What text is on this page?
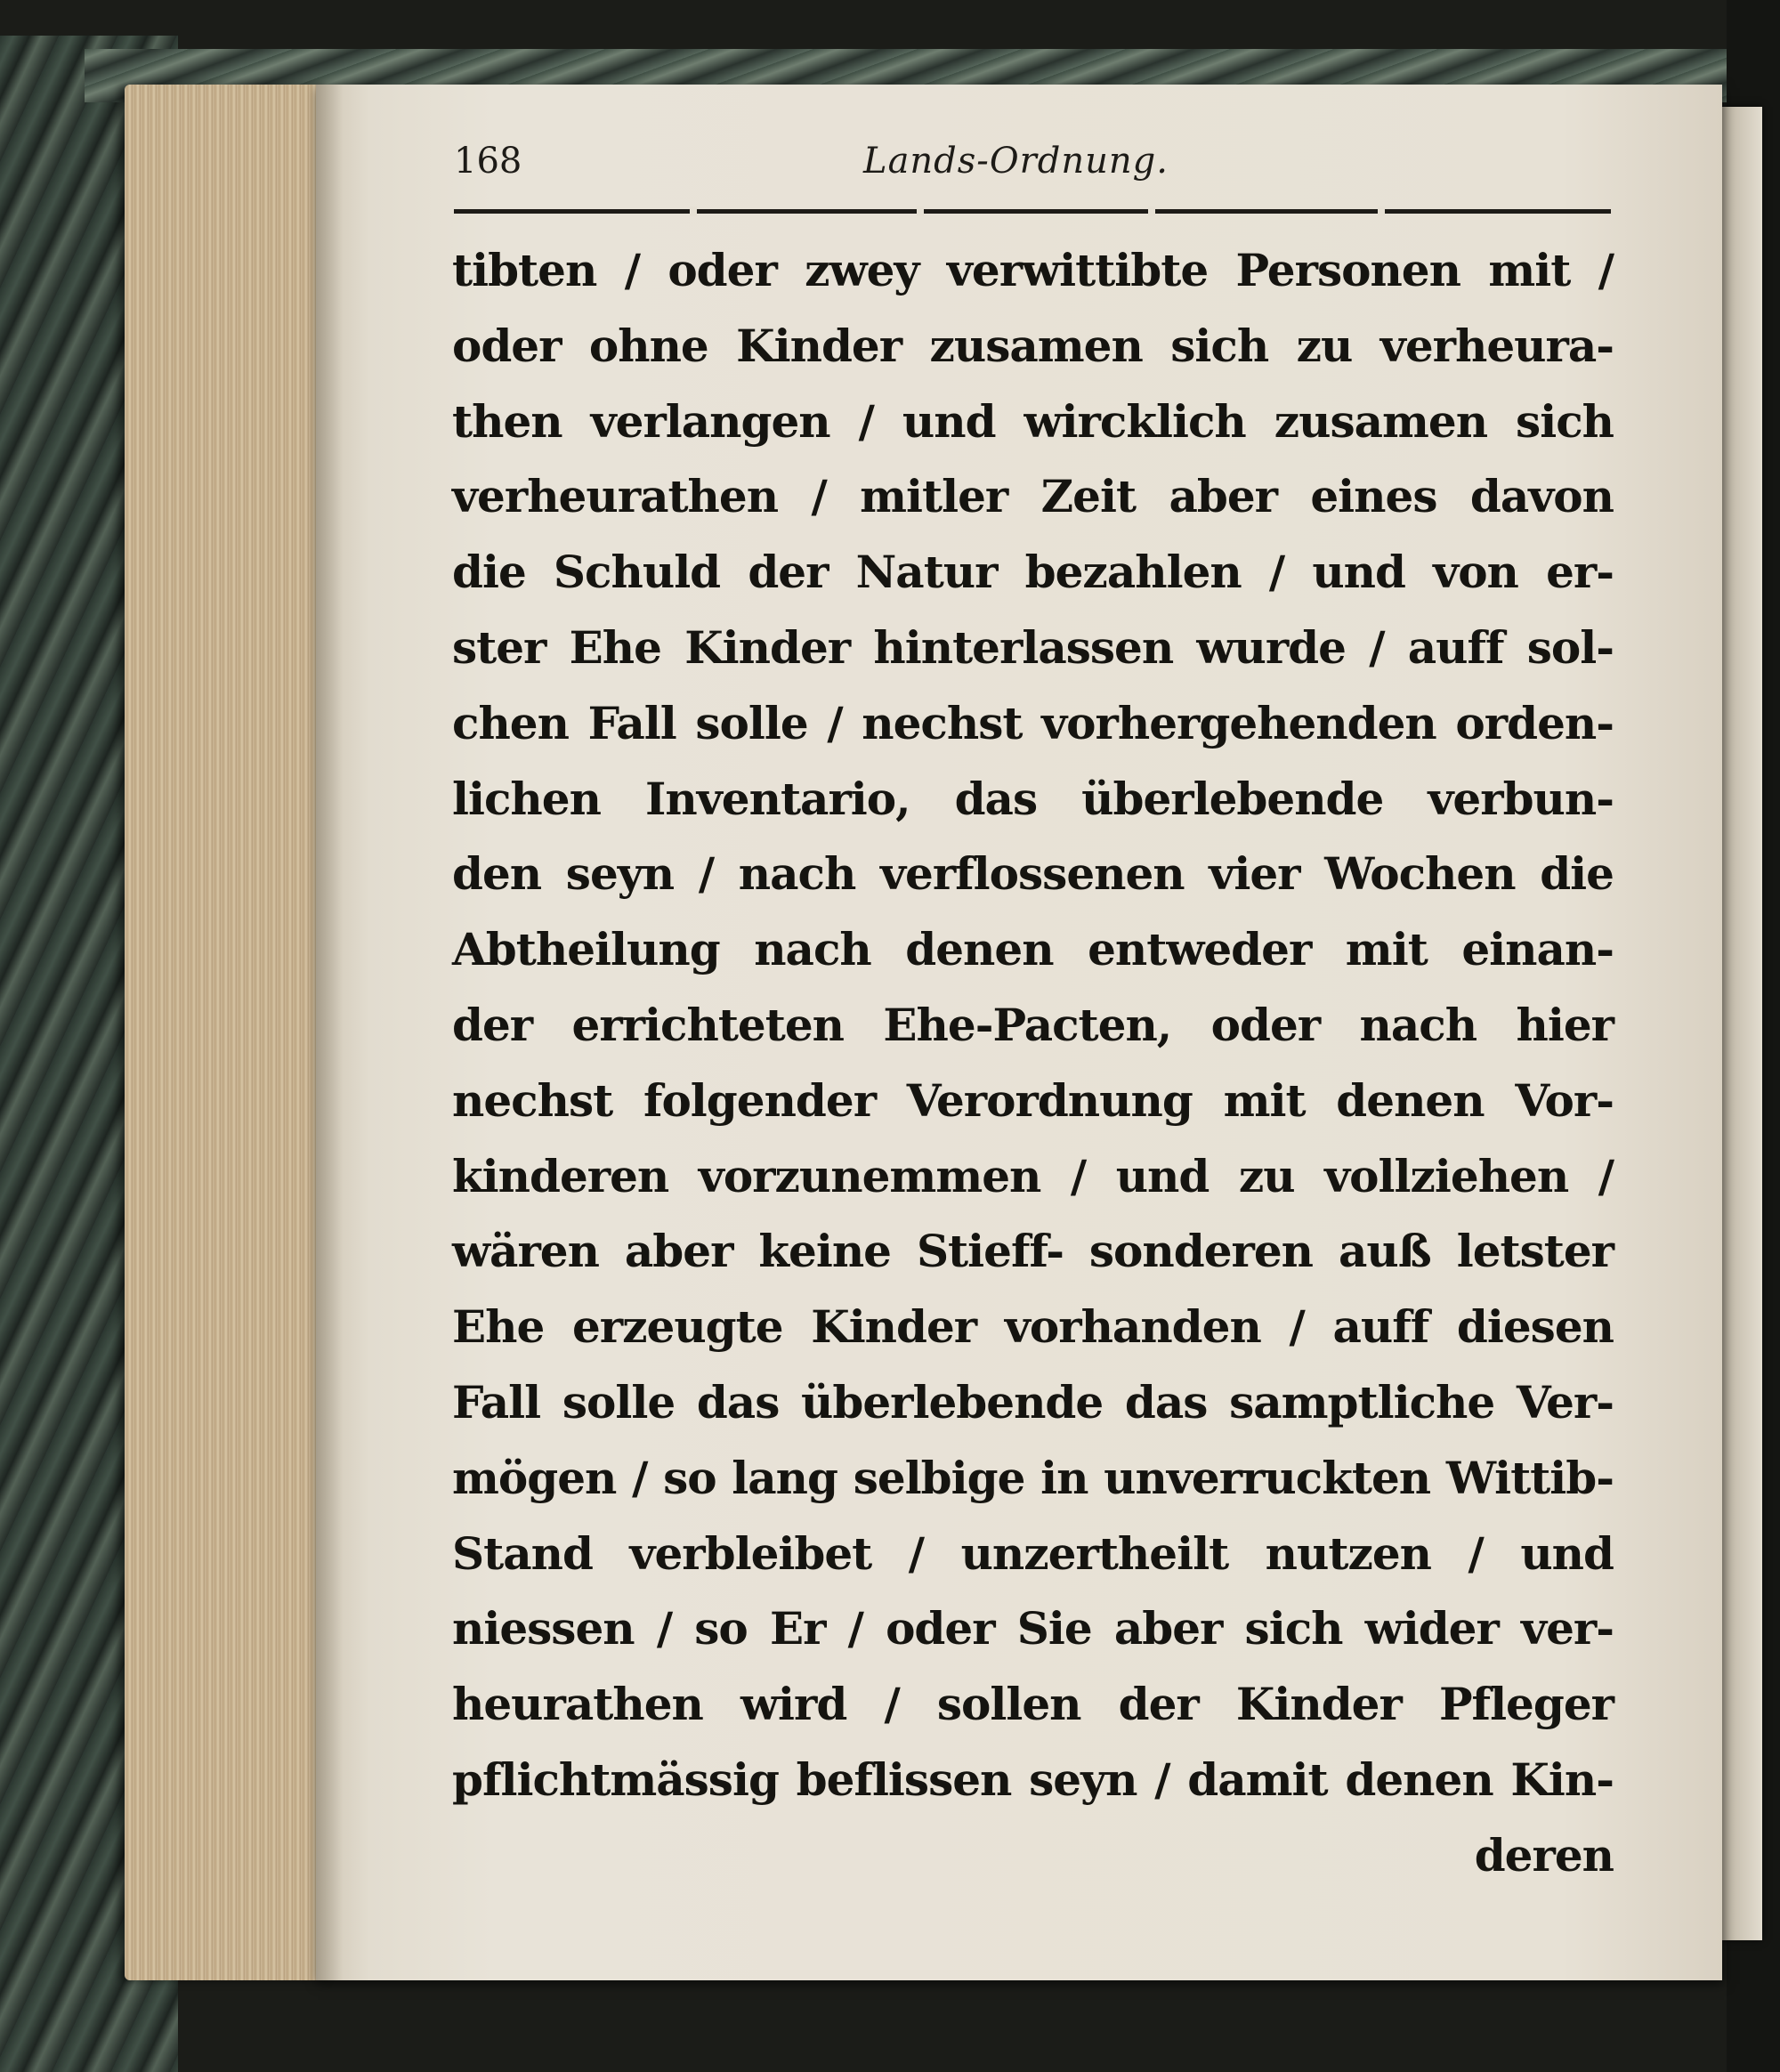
168	Lands-Ordnung.
tibten / oder zwey verwittibte Personen mit /
oder ohne Kinder zusamen sich zu verheura-
then verlangen / und wircklich zusamen sich
verheurathen / mitler Zeit aber eines davon
die Schuld der Natur bezahlen / und von er-
ster Ehe Kinder hinterlassen wurde / auff sol-
chen Fall solle / nechst vorhergehenden orden-
lichen Inventario, das überlebende verbun-
den seyn / nach verflossenen vier Wochen die
Abtheilung nach denen entweder mit einan-
der errichteten Ehe-Pacten, oder nach hier
nechst folgender Verordnung mit denen Vor-
kinderen vorzunemmen / und zu vollziehen /
wären aber keine Stieff- sonderen auß letster
Ehe erzeugte Kinder vorhanden / auff diesen
Fall solle das überlebende das samptliche Ver-
mögen / so lang selbige in unverruckten Wittib-
Stand verbleibet / unzertheilt nutzen / und
niessen / so Er / oder Sie aber sich wider ver-
heurathen wird / sollen der Kinder Pfleger
pflichtmässig beflissen seyn / damit denen Kin-
deren
